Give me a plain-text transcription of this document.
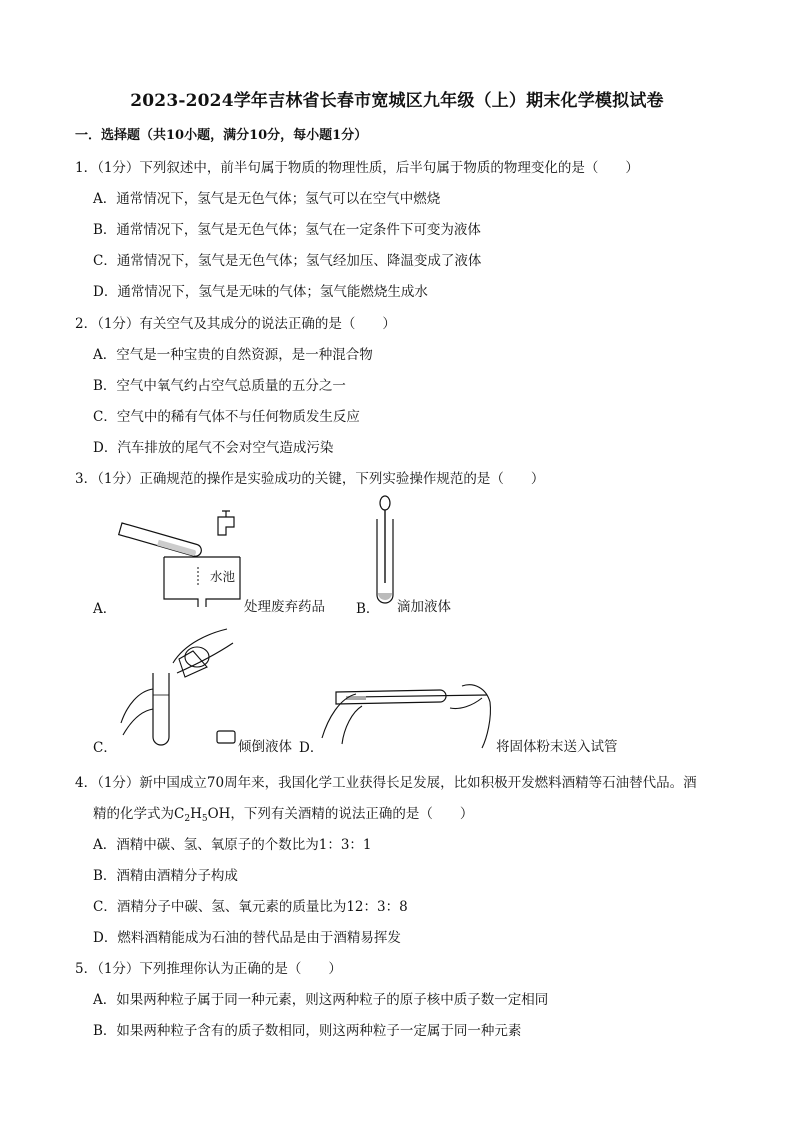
2023-2024学年吉林省长春市宽城区九年级（上）期末化学模拟试卷
一．选择题（共10小题，满分10分，每小题1分）
1．（1分）下列叙述中，前半句属于物质的物理性质，后半句属于物质的物理变化的是（　　）
A．通常情况下，氢气是无色气体；氢气可以在空气中燃烧
B．通常情况下，氢气是无色气体；氢气在一定条件下可变为液体
C．通常情况下，氢气是无色气体；氢气经加压、降温变成了液体
D．通常情况下，氢气是无味的气体；氢气能燃烧生成水
2．（1分）有关空气及其成分的说法正确的是（　　）
A．空气是一种宝贵的自然资源，是一种混合物
B．空气中氧气约占空气总质量的五分之一
C．空气中的稀有气体不与任何物质发生反应
D．汽车排放的尾气不会对空气造成污染
3．（1分）正确规范的操作是实验成功的关键，下列实验操作规范的是（　　）
水池
A．	处理废弃药品 B． 滴加液体
C．	倾倒液体 D．	将固体粉末送入试管
4．（1分）新中国成立70周年来，我国化学工业获得长足发展，比如积极开发燃料酒精等石油替代品。酒
精的化学式为$C_2H_5OH$，下列有关酒精的说法正确的是（　　）
A．酒精中碳、氢、氧原子的个数比为1：3：1
B．酒精由酒精分子构成
C．酒精分子中碳、氢、氧元素的质量比为12：3：8
D．燃料酒精能成为石油的替代品是由于酒精易挥发
5．（1分）下列推理你认为正确的是（　　）
A．如果两种粒子属于同一种元素，则这两种粒子的原子核中质子数一定相同
B．如果两种粒子含有的质子数相同，则这两种粒子一定属于同一种元素
